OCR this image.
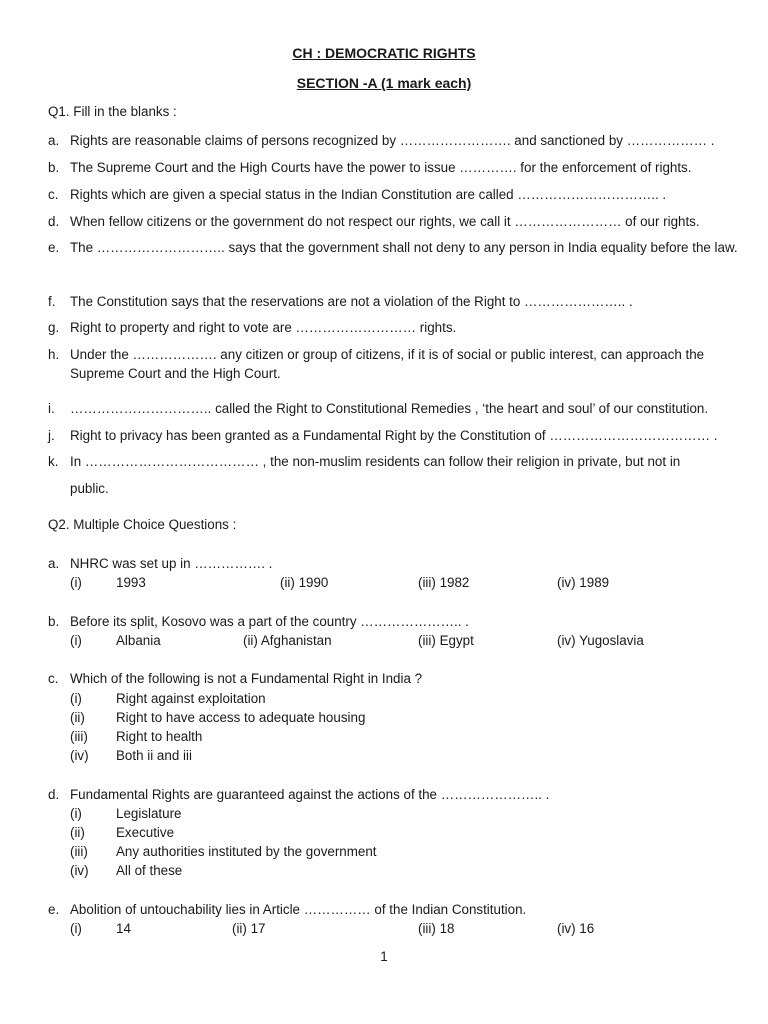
CH : DEMOCRATIC RIGHTS
SECTION -A (1 mark each)
Q1. Fill in the blanks :
a. Rights are reasonable claims of persons recognized by ……………………. and sanctioned by ……………… .
b. The Supreme Court and the High Courts have the power to issue …………. for the enforcement of rights.
c. Rights which are given a special status in the Indian Constitution are called ………………………….. .
d. When fellow citizens or the government do not respect our rights, we call it …………………… of our rights.
e. The ……………………….. says that the government shall not deny to any person in India equality before the law.
f. The Constitution says that the reservations are not a violation of the Right to ………………….. .
g. Right to property and right to vote are ……………………… rights.
h. Under the ………………. any citizen or group of citizens, if it is of social or public interest, can approach the Supreme Court and the High Court.
i. ………………………….. called the Right to Constitutional Remedies , ‘the heart and soul’ of our constitution.
j. Right to privacy has been granted as a Fundamental Right by the Constitution of ……………………………… .
k. In ………………………………… , the non-muslim residents can follow their religion in private, but not in
public.
Q2. Multiple Choice Questions :
a. NHRC was set up in ……………. .
(i)	1993	(ii) 1990	(iii) 1982	(iv) 1989
b. Before its split, Kosovo was a part of the country ………………….. .
(i)	Albania	(ii) Afghanistan	(iii) Egypt	(iv) Yugoslavia
c. Which of the following is not a Fundamental Right in India ?
(i)	Right against exploitation
(ii) Right to have access to adequate housing
(iii) Right to health
(iv) Both ii and iii
d. Fundamental Rights are guaranteed against the actions of the ………………….. .
(i)	Legislature
(ii) Executive
(iii) Any authorities instituted by the government
(iv) All of these
e. Abolition of untouchability lies in Article …………… of the Indian Constitution.
(i)	14	(ii) 17	(iii) 18	(iv) 16
1
